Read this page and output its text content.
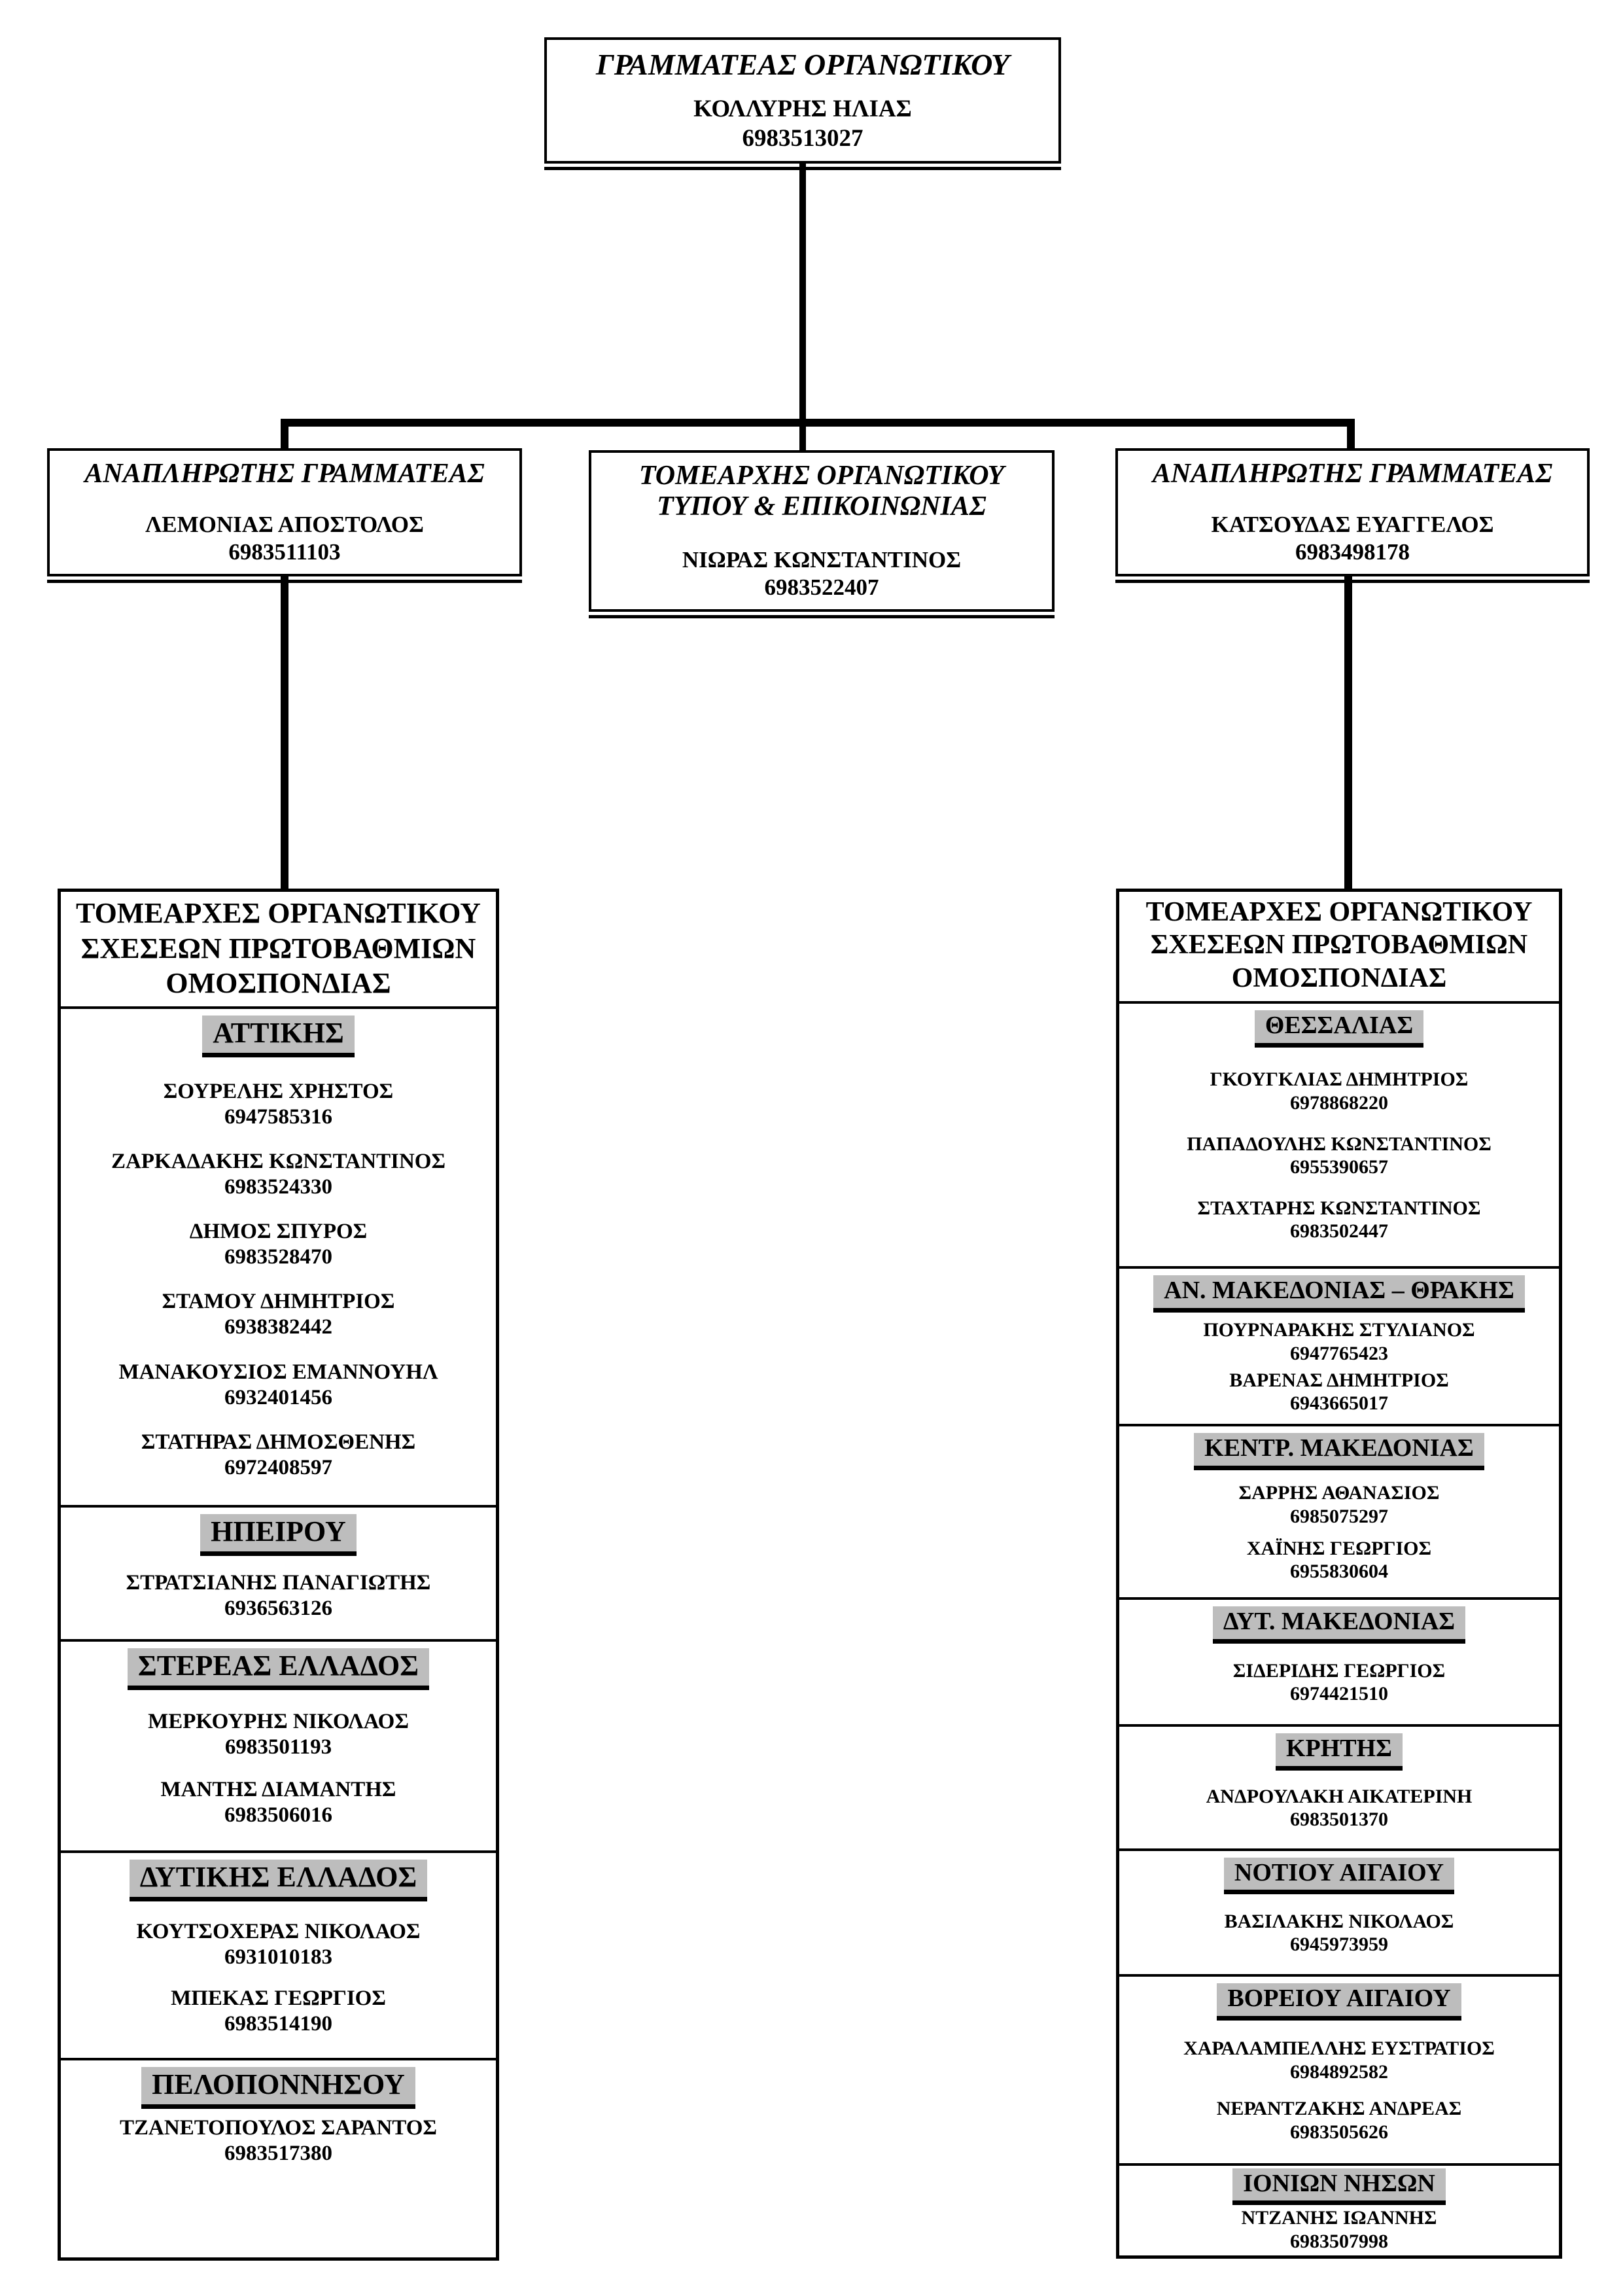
ΓΡΑΜΜΑΤΕΑΣ ΟΡΓΑΝΩΤΙΚΟΥ
ΚΟΛΛΥΡΗΣ ΗΛΙΑΣ
6983513027
ΑΝΑΠΛΗΡΩΤΗΣ ΓΡΑΜΜΑΤΕΑΣ
ΛΕΜΟΝΙΑΣ ΑΠΟΣΤΟΛΟΣ
6983511103
ΤΟΜΕΑΡΧΗΣ ΟΡΓΑΝΩΤΙΚΟΥ ΤΥΠΟΥ & ΕΠΙΚΟΙΝΩΝΙΑΣ
ΝΙΩΡΑΣ ΚΩΝΣΤΑΝΤΙΝΟΣ
6983522407
ΑΝΑΠΛΗΡΩΤΗΣ ΓΡΑΜΜΑΤΕΑΣ
ΚΑΤΣΟΥΔΑΣ ΕΥΑΓΓΕΛΟΣ
6983498178
ΤΟΜΕΑΡΧΕΣ ΟΡΓΑΝΩΤΙΚΟΥ ΣΧΕΣΕΩΝ ΠΡΩΤΟΒΑΘΜΙΩΝ ΟΜΟΣΠΟΝΔΙΑΣ
ΑΤΤΙΚΗΣ
ΣΟΥΡΕΛΗΣ ΧΡΗΣΤΟΣ
6947585316
ΖΑΡΚΑΔΑΚΗΣ ΚΩΝΣΤΑΝΤΙΝΟΣ
6983524330
ΔΗΜΟΣ ΣΠΥΡΟΣ
6983528470
ΣΤΑΜΟΥ ΔΗΜΗΤΡΙΟΣ
6938382442
ΜΑΝΑΚΟΥΣΙΟΣ ΕΜΑΝΝΟΥΗΛ
6932401456
ΣΤΑΤΗΡΑΣ ΔΗΜΟΣΘΕΝΗΣ
6972408597
ΗΠΕΙΡΟΥ
ΣΤΡΑΤΣΙΑΝΗΣ ΠΑΝΑΓΙΩΤΗΣ
6936563126
ΣΤΕΡΕΑΣ ΕΛΛΑΔΟΣ
ΜΕΡΚΟΥΡΗΣ ΝΙΚΟΛΑΟΣ
6983501193
ΜΑΝΤΗΣ ΔΙΑΜΑΝΤΗΣ
6983506016
ΔΥΤΙΚΗΣ ΕΛΛΑΔΟΣ
ΚΟΥΤΣΟΧΕΡΑΣ ΝΙΚΟΛΑΟΣ
6931010183
ΜΠΕΚΑΣ ΓΕΩΡΓΙΟΣ
6983514190
ΠΕΛΟΠΟΝΝΗΣΟΥ
ΤΖΑΝΕΤΟΠΟΥΛΟΣ ΣΑΡΑΝΤΟΣ
6983517380
ΤΟΜΕΑΡΧΕΣ ΟΡΓΑΝΩΤΙΚΟΥ ΣΧΕΣΕΩΝ ΠΡΩΤΟΒΑΘΜΙΩΝ ΟΜΟΣΠΟΝΔΙΑΣ
ΘΕΣΣΑΛΙΑΣ
ΓΚΟΥΓΚΛΙΑΣ ΔΗΜΗΤΡΙΟΣ
6978868220
ΠΑΠΑΔΟΥΛΗΣ ΚΩΝΣΤΑΝΤΙΝΟΣ
6955390657
ΣΤΑΧΤΑΡΗΣ ΚΩΝΣΤΑΝΤΙΝΟΣ
6983502447
ΑΝ. ΜΑΚΕΔΟΝΙΑΣ – ΘΡΑΚΗΣ
ΠΟΥΡΝΑΡΑΚΗΣ ΣΤΥΛΙΑΝΟΣ
6947765423
ΒΑΡΕΝΑΣ ΔΗΜΗΤΡΙΟΣ
6943665017
ΚΕΝΤΡ. ΜΑΚΕΔΟΝΙΑΣ
ΣΑΡΡΗΣ ΑΘΑΝΑΣΙΟΣ
6985075297
ΧΑΪΝΗΣ ΓΕΩΡΓΙΟΣ
6955830604
ΔΥΤ. ΜΑΚΕΔΟΝΙΑΣ
ΣΙΔΕΡΙΔΗΣ ΓΕΩΡΓΙΟΣ
6974421510
ΚΡΗΤΗΣ
ΑΝΔΡΟΥΛΑΚΗ ΑΙΚΑΤΕΡΙΝΗ
6983501370
ΝΟΤΙΟΥ ΑΙΓΑΙΟΥ
ΒΑΣΙΛΑΚΗΣ ΝΙΚΟΛΑΟΣ
6945973959
ΒΟΡΕΙΟΥ ΑΙΓΑΙΟΥ
ΧΑΡΑΛΑΜΠΕΛΛΗΣ ΕΥΣΤΡΑΤΙΟΣ
6984892582
ΝΕΡΑΝΤΖΑΚΗΣ ΑΝΔΡΕΑΣ
6983505626
ΙΟΝΙΩΝ ΝΗΣΩΝ
ΝΤΖΑΝΗΣ ΙΩΑΝΝΗΣ
6983507998
